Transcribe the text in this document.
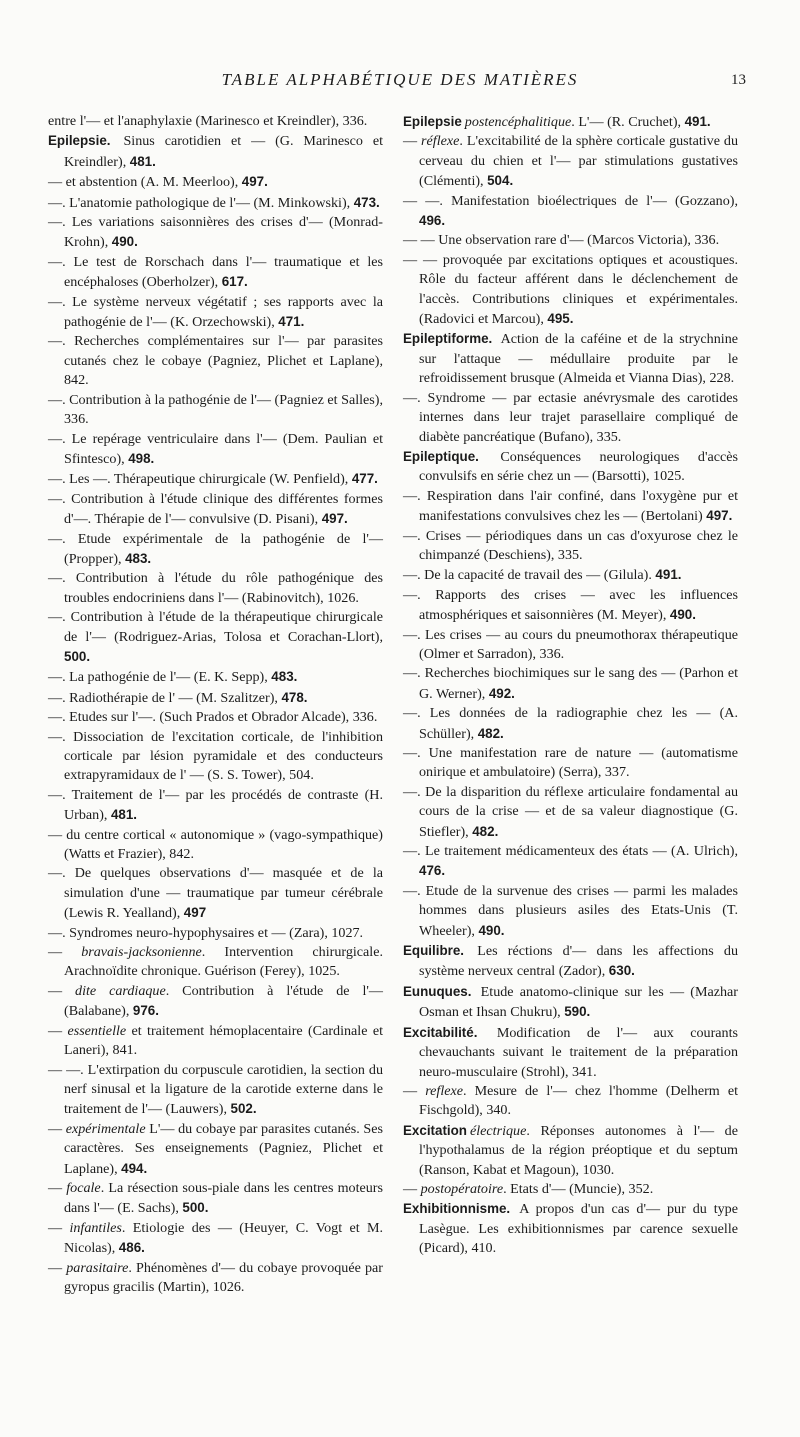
TABLE ALPHABÉTIQUE DES MATIÈRES	13

entre l'— et l'anaphylaxie (Marinesco et Kreindler), 336.

Epilepsie. Sinus carotidien et — (G. Marinesco et Kreindler), 481.

— et abstention (A. M. Meerloo), 497.

—. L'anatomie pathologique de l'— (M. Minkowski), 473.

—. Les variations saisonnières des crises d'— (Monrad-Krohn), 490.

—. Le test de Rorschach dans l'— traumatique et les encéphaloses (Oberholzer), 617.

—. Le système nerveux végétatif ; ses rapports avec la pathogénie de l'— (K. Orzechowski), 471.

—. Recherches complémentaires sur l'— par parasites cutanés chez le cobaye (Pagniez, Plichet et Laplane), 842.

—. Contribution à la pathogénie de l'— (Pagniez et Salles), 336.

—. Le repérage ventriculaire dans l'— (Dem. Paulian et Sfintesco), 498.

—. Les —. Thérapeutique chirurgicale (W. Penfield), 477.

—. Contribution à l'étude clinique des différentes formes d'—. Thérapie de l'— convulsive (D. Pisani), 497.

—. Etude expérimentale de la pathogénie de l'— (Propper), 483.

—. Contribution à l'étude du rôle pathogénique des troubles endocriniens dans l'— (Rabinovitch), 1026.

—. Contribution à l'étude de la thérapeutique chirurgicale de l'— (Rodriguez-Arias, Tolosa et Corachan-Llort), 500.

—. La pathogénie de l'— (E. K. Sepp), 483.

—. Radiothérapie de l' — (M. Szalitzer), 478.

—. Etudes sur l'—. (Such Prados et Obrador Alcade), 336.

—. Dissociation de l'excitation corticale, de l'inhibition corticale par lésion pyramidale et des conducteurs extrapyramidaux de l' — (S. S. Tower), 504.

—. Traitement de l'— par les procédés de contraste (H. Urban), 481.

— du centre cortical « autonomique » (vago-sympathique) (Watts et Frazier), 842.

—. De quelques observations d'— masquée et de la simulation d'une — traumatique par tumeur cérébrale (Lewis R. Yealland), 497

—. Syndromes neuro-hypophysaires et — (Zara), 1027.

— bravais-jacksonienne. Intervention chirurgicale. Arachnoïdite chronique. Guérison (Ferey), 1025.

— dite cardiaque. Contribution à l'étude de l'— (Balabane), 976.

— essentielle et traitement hémoplacentaire (Cardinale et Laneri), 841.

— —. L'extirpation du corpuscule carotidien, la section du nerf sinusal et la ligature de la carotide externe dans le traitement de l'— (Lauwers), 502.

— expérimentale L'— du cobaye par parasites cutanés. Ses caractères. Ses enseignements (Pagniez, Plichet et Laplane), 494.

— focale. La résection sous-piale dans les centres moteurs dans l'— (E. Sachs), 500.

— infantiles. Etiologie des — (Heuyer, C. Vogt et M. Nicolas), 486.

— parasitaire. Phénomènes d'— du cobaye provoquée par gyropus gracilis (Martin), 1026.

Epilepsie postencéphalitique. L'— (R. Cruchet), 491.

— réflexe. L'excitabilité de la sphère corticale gustative du cerveau du chien et l'— par stimulations gustatives (Clémenti), 504.

— —. Manifestation bioélectriques de l'— (Gozzano), 496.

— — Une observation rare d'— (Marcos Victoria), 336.

— — provoquée par excitations optiques et acoustiques. Rôle du facteur afférent dans le déclenchement de l'accès. Contributions cliniques et expérimentales. (Radovici et Marcou), 495.

Epileptiforme. Action de la caféine et de la strychnine sur l'attaque — médullaire produite par le refroidissement brusque (Almeida et Vianna Dias), 228.

—. Syndrome — par ectasie anévrysmale des carotides internes dans leur trajet parasellaire compliqué de diabète pancréatique (Bufano), 335.

Epileptique. Conséquences neurologiques d'accès convulsifs en série chez un — (Barsotti), 1025.

—. Respiration dans l'air confiné, dans l'oxygène pur et manifestations convulsives chez les — (Bertolani) 497.

—. Crises — périodiques dans un cas d'oxyurose chez le chimpanzé (Deschiens), 335.

—. De la capacité de travail des — (Gilula). 491.

—. Rapports des crises — avec les influences atmosphériques et saisonnières (M. Meyer), 490.

—. Les crises — au cours du pneumothorax thérapeutique (Olmer et Sarradon), 336.

—. Recherches biochimiques sur le sang des — (Parhon et G. Werner), 492.

—. Les données de la radiographie chez les — (A. Schüller), 482.

—. Une manifestation rare de nature — (automatisme onirique et ambulatoire) (Serra), 337.

—. De la disparition du réflexe articulaire fondamental au cours de la crise — et de sa valeur diagnostique (G. Stiefler), 482.

—. Le traitement médicamenteux des états — (A. Ulrich), 476.

—. Etude de la survenue des crises — parmi les malades hommes dans plusieurs asiles des Etats-Unis (T. Wheeler), 490.

Equilibre. Les réctions d'— dans les affections du système nerveux central (Zador), 630.

Eunuques. Etude anatomo-clinique sur les — (Mazhar Osman et Ihsan Chukru), 590.

Excitabilité. Modification de l'— aux courants chevauchants suivant le traitement de la préparation neuro-musculaire (Strohl), 341.

— reflexe. Mesure de l'— chez l'homme (Delherm et Fischgold), 340.

Excitation électrique. Réponses autonomes à l'— de l'hypothalamus de la région préoptique et du septum (Ranson, Kabat et Magoun), 1030.

— postopératoire. Etats d'— (Muncie), 352.

Exhibitionnisme. A propos d'un cas d'— pur du type Lasègue. Les exhibitionnismes par carence sexuelle (Picard), 410.
